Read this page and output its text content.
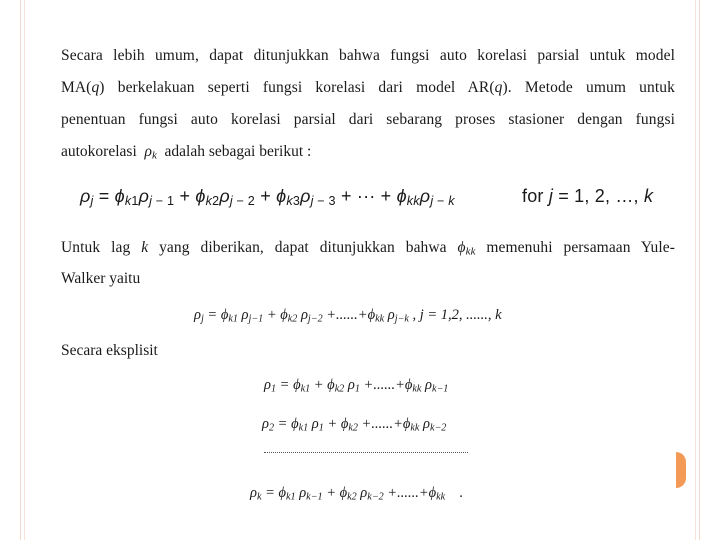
Secara lebih umum, dapat ditunjukkan bahwa fungsi auto korelasi parsial untuk model
MA(q) berkelakuan seperti fungsi korelasi dari model AR(q). Metode umum untuk
penentuan fungsi auto korelasi parsial dari sebarang proses stasioner dengan fungsi
autokorelasi $\rho_k$ adalah sebagai berikut :
$\rho_j = \phi_{k1}\rho_j$ $_{- 1} + \phi_{k2}\rho_j$ $_{- 2} + \phi_{k3}\rho_j$ $_{- 3}$ + ··· + $\phi_{kk}\rho_j$ $_{- k}$	for j = 1, 2, …, k
Untuk lag k yang diberikan, dapat ditunjukkan bahwa $\phi_{kk}$ memenuhi persamaan Yule-
Walker yaitu
$\rho_j = \phi_{k1}$ $\rho_{j-1} + \phi_{k2}$ $\rho_{j-2} +......+\phi_{kk}$ $\rho_{j-k}$ , j = 1,2, ......, k
Secara eksplisit
$\rho_1 = \phi_{k1} + \phi_{k2}$ $\rho_1 +......+\phi_{kk}$ $\rho_{k-1}$
$\rho_2 = \phi_{k1}$ $\rho_1 + \phi_{k2} +......+\phi_{kk}$ $\rho_{k-2}$
$\rho_k = \phi_{k1}$ $\rho_{k-1} + \phi_{k2}$ $\rho_{k-2} +......+\phi_{kk}$    .
